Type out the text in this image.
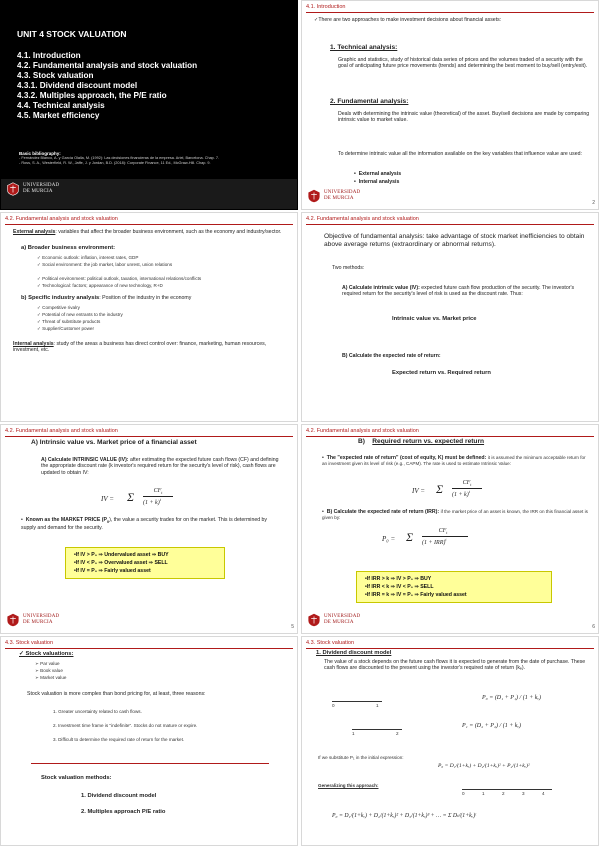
UNIT 4 STOCK VALUATION
4.1. Introduction
4.2. Fundamental analysis and stock valuation
4.3. Stock valuation
4.3.1. Dividend discount model
4.3.2. Multiples approach, the P/E ratio
4.4. Technical analysis
4.5. Market efficiency
Basic bibliography:
- Fernández Blanco, A. y García Olalla, M. (1992): Las decisiones financieras de la empresa. Ariel, Barcelona. Chap. 7.
- Ross, S. A., Westerfield, R. W., Jaffe, J. y Jordan, B.D. (2018): Corporate Finance, 11 Ed., McGraw-Hill. Chap. 9.
UNIVERSIDAD
DE MURCIA
4.1. Introduction
✓There are two approaches to make investment decisions about financial assets:
1. Technical analysis:
Graphic and statistics, study of historical data series of prices and the volumes traded of a security with the goal of anticipating future price movements (trends) and determining the best moment to buy/sell (entry/exit).
2. Fundamental analysis:
Deals with determining the intrinsic value (theoretical) of the asset. Buy/sell decisions are made by comparing intrinsic value to market value.
To determine intrinsic value all the information available on the key variables that influence value are used:
•  External analysis
•  Internal analysis
UNIVERSIDAD
DE MURCIA
2
4.2. Fundamental analysis and stock valuation
External analysis: variables that affect the broader business environment, such as the economy and industry/sector.
a) Broader business environment:
✓ Economic outlook: inflation, interest rates, GDP
✓ Social environment: the job market, labor unrest, union relations
✓ Political environment: political outlook, taxation, international relations/conflicts
✓ Technological: factors; appearance of new technology, R+D
b) Specific industry analysis: Position of the industry in the economy
✓ Competitive rivalry
✓ Potential of new entrants to the industry
✓ Threat of substitute products
✓ Supplier/Customer power
Internal analysis: study of the areas a business has direct control over: finance, marketing, human resources, investment, etc.
4.2. Fundamental analysis and stock valuation
Objective of fundamental analysis: take advantage of stock market inefficiencies to obtain above average returns (extraordinary or abnormal returns).
Two methods:
A) Calculate intrinsic value (IV): expected future cash flow production of the security. The investor's required return for the security's level of risk is used as the discount rate. Thus:
Intrinsic value vs. Market price
B) Calculate the expected rate of return:
Expected return vs. Required return
4.2. Fundamental analysis and stock valuation
A) Intrinsic value vs. Market price of a financial asset
A) Calculate INTRINSIC VALUE (IV): after estimating the expected future cash flows (CF) and defining the appropriate discount rate (k investor's required return for the security's level of risk), cash flows are updated to obtain IV:
IV = Σ	$CF_t$
$(1 + k)^t$
•  Known as the MARKET PRICE $(P_0)$, the value a security trades for on the market. This is determined by supply and demand for the security.
•If IV > P₀ ⇒ Undervalued asset ⇒ BUY
•If IV < P₀ ⇒ Overvalued asset ⇒ SELL
•If IV = P₀ ⇒ Fairly valued asset
UNIVERSIDAD
DE MURCIA
5
4.2. Fundamental analysis and stock valuation
B) Required return vs. expected return
•  The "expected rate of return" (cost of equity, K) must be defined: it is assumed the minimum acceptable return for an investment given its level of risk (e.g., CAPM). The rate is used to estimate Intrinsic Value:
IV = Σ	$CF_t$
$(1 + k)^t$
•  B) Calculate the expected rate of return (IRR): if the market price of an asset is known, the IRR on this financial asset is given by:
P₀ = Σ	$CF_t$
(1 + IRR)$^t$
•If IRR > k ⇒ IV > P₀ ⇒ BUY
•If IRR < k ⇒ IV < P₀ ⇒ SELL
•If IRR = k ⇒ IV = P₀ ⇒ Fairly valued asset
UNIVERSIDAD
DE MURCIA
6
4.3. Stock valuation
✓ Stock valuations:
➢ Par value
➢ Book value
➢ Market value
Stock valuation is more complex than bond pricing for, at least, three reasons:
1. Greater uncertainty related to cash flows.
2. Investment time frame is "indefinite". Stocks do not mature or expire.
3. Difficult to determine the required rate of return for the market.
Stock valuation methods:
1. Dividend discount model
2. Multiples approach P/E ratio
4.3. Stock valuation
1. Dividend discount model
The value of a stock depends on the future cash flows it is expected to generate from the date of purchase. These cash flows are discounted to the present using the investor's required rate of return (kₑ).
0	1
P₀ = (D₁ + P₁) / (1 + kₑ)
1	2
P₁ = (D₂ + P₂) / (1 + kₑ)
If we substitute P₁ in the initial expression:
P₀ = D₁/(1+kₑ) + D₂/(1+kₑ)² + P₂/(1+kₑ)²
Generalizing this approach:
0	1	2	3	4
P₀ = D₁/(1+kₑ) + D₂/(1+kₑ)² + D₃/(1+kₑ)³ + … = Σ Dₜ/(1+kₑ)ᵗ
